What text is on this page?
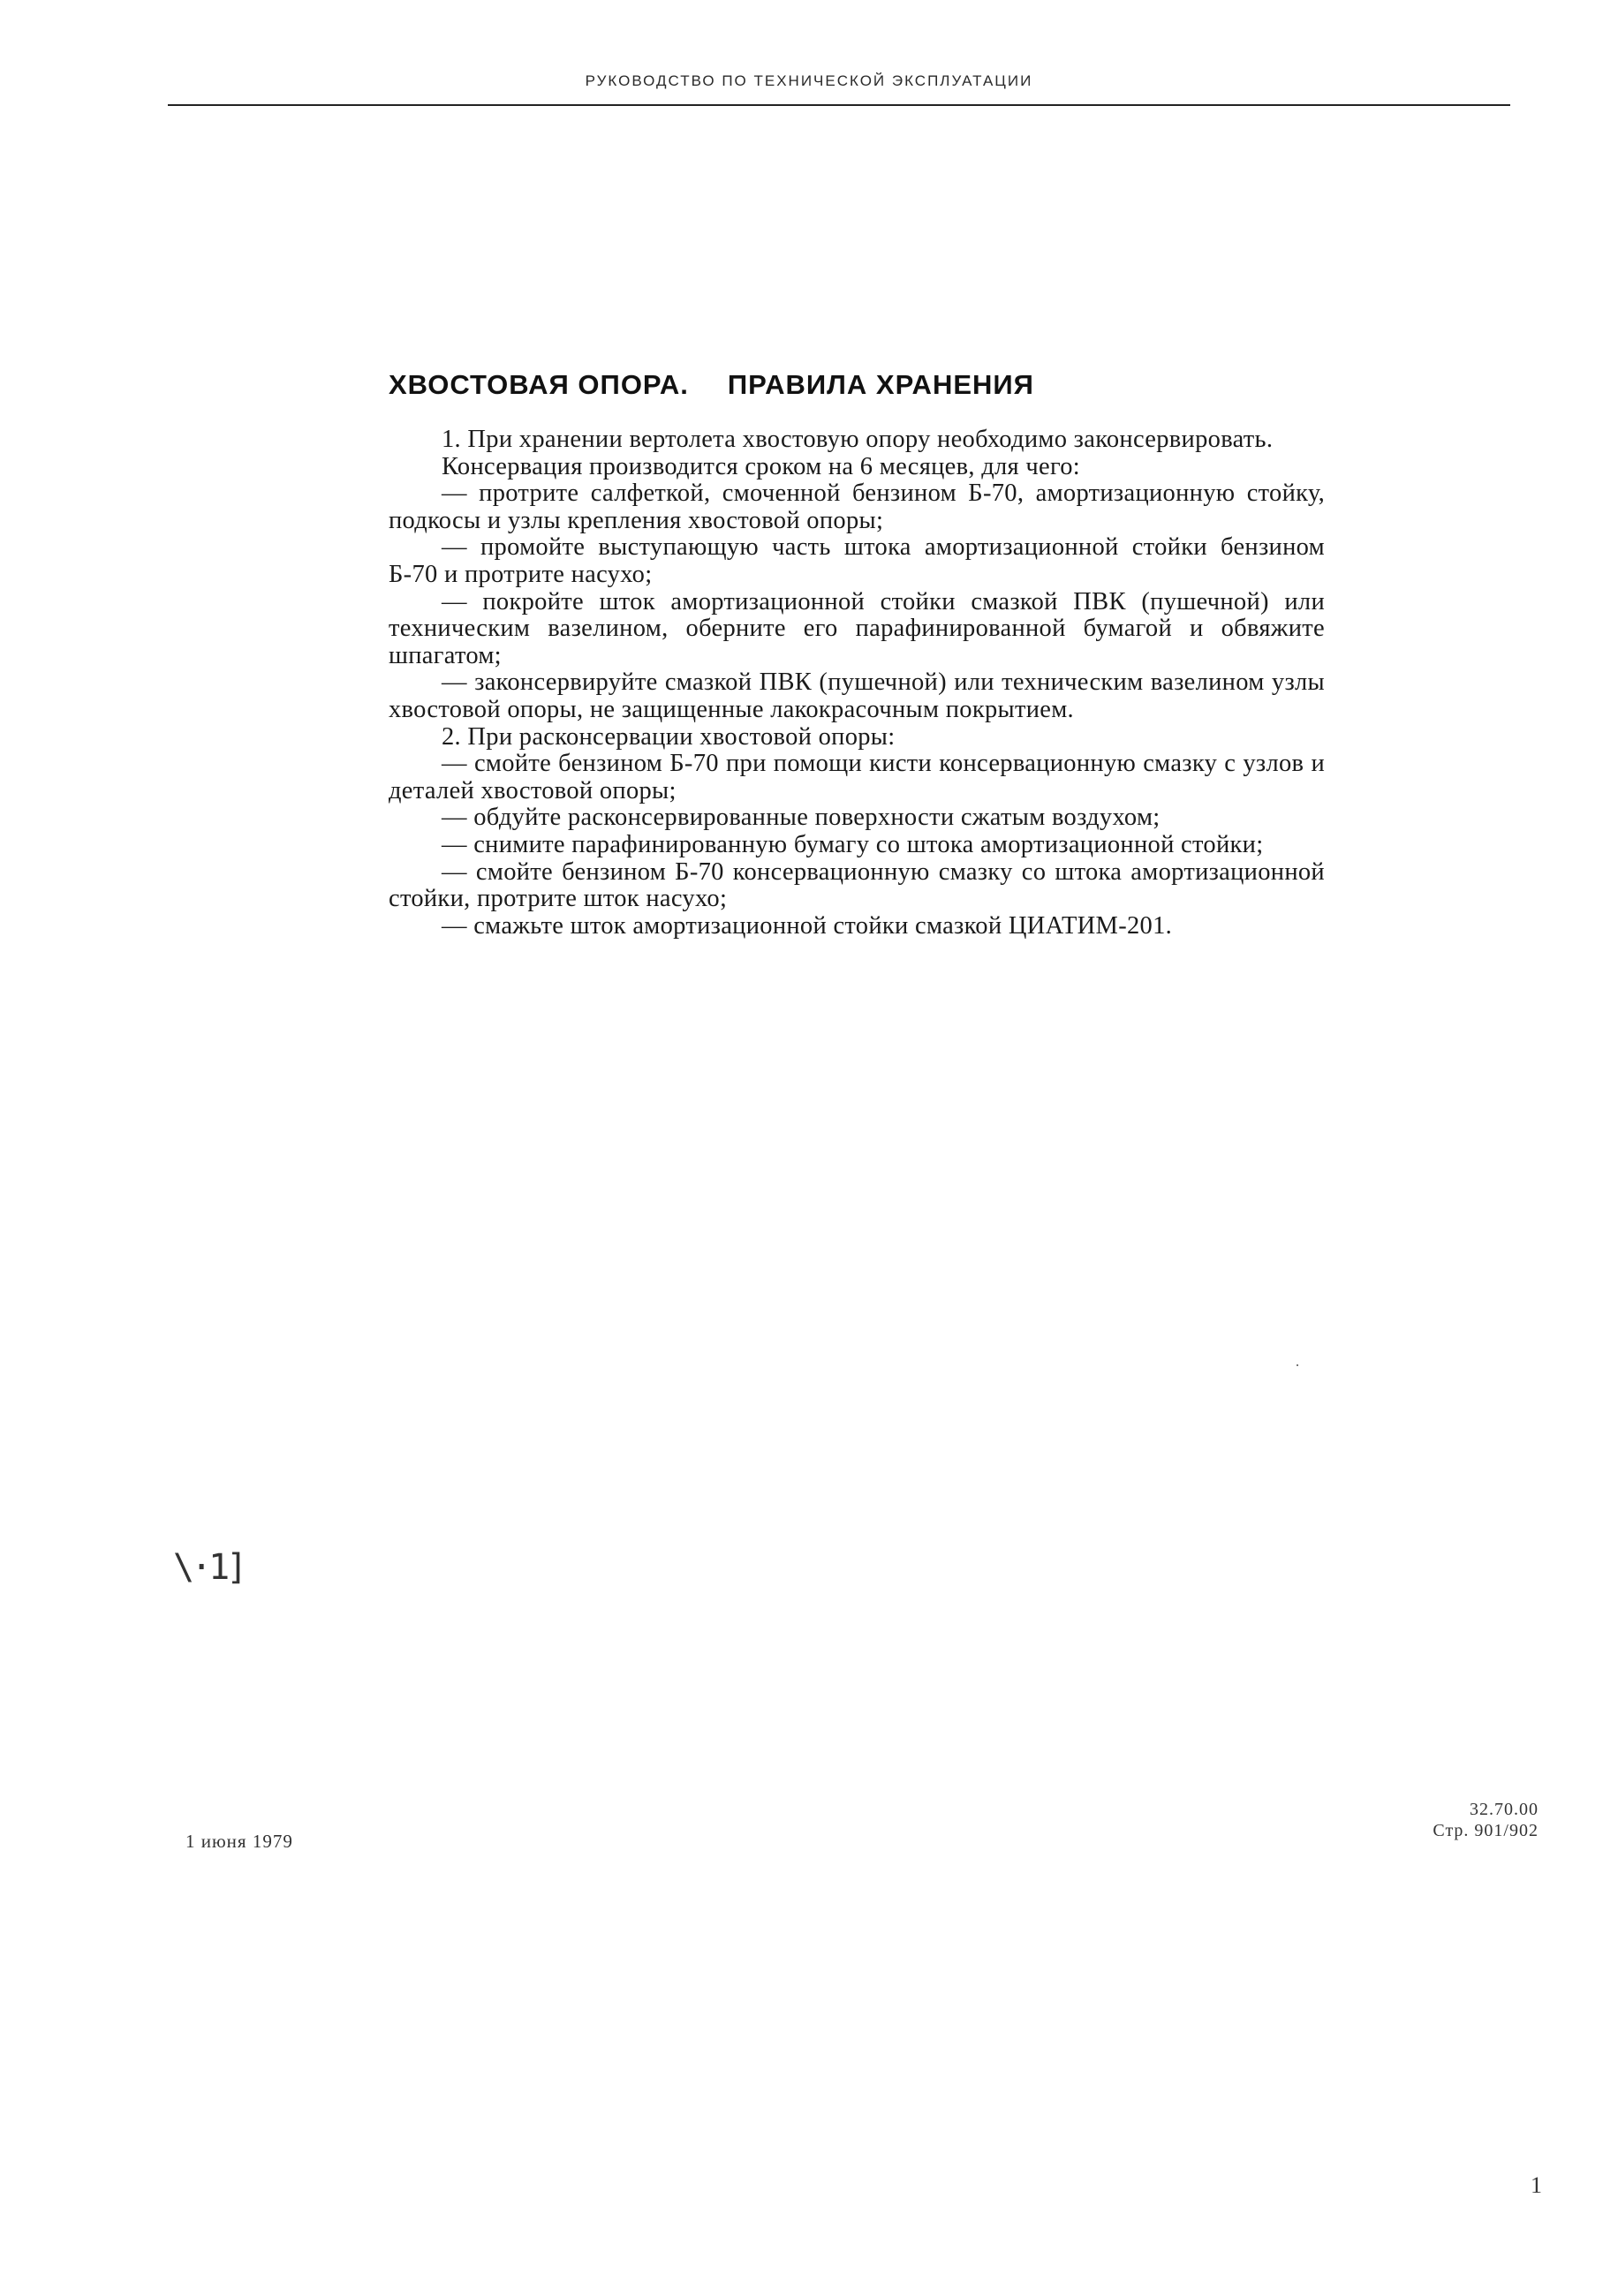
РУКОВОДСТВО ПО ТЕХНИЧЕСКОЙ ЭКСПЛУАТАЦИИ
ХВОСТОВАЯ ОПОРА. ПРАВИЛА ХРАНЕНИЯ

1. При хранении вертолета хвостовую опору необходимо законсервировать.

Консервация производится сроком на 6 месяцев, для чего:

— протрите салфеткой, смоченной бензином Б-70, амортизационную стойку, подкосы и узлы крепления хвостовой опоры;

— промойте выступающую часть штока амортизационной стойки бензином Б-70 и протрите насухо;

— покройте шток амортизационной стойки смазкой ПВК (пушечной) или техническим вазелином, оберните его парафинированной бумагой и обвяжите шпагатом;

— законсервируйте смазкой ПВК (пушечной) или техническим вазелином узлы хвостовой опоры, не защищенные лакокрасочным покрытием.

2. При расконсервации хвостовой опоры:

— смойте бензином Б-70 при помощи кисти консервационную смазку с узлов и деталей хвостовой опоры;

— обдуйте расконсервированные поверхности сжатым воздухом;

— снимите парафинированную бумагу со штока амортизационной стойки;

— смойте бензином Б-70 консервационную смазку со штока амортизационной стойки, протрите шток насухо;

— смажьте шток амортизационной стойки смазкой ЦИАТИМ-201.

\·1]
1 июня 1979
32.70.00
Стр. 901/902
1
